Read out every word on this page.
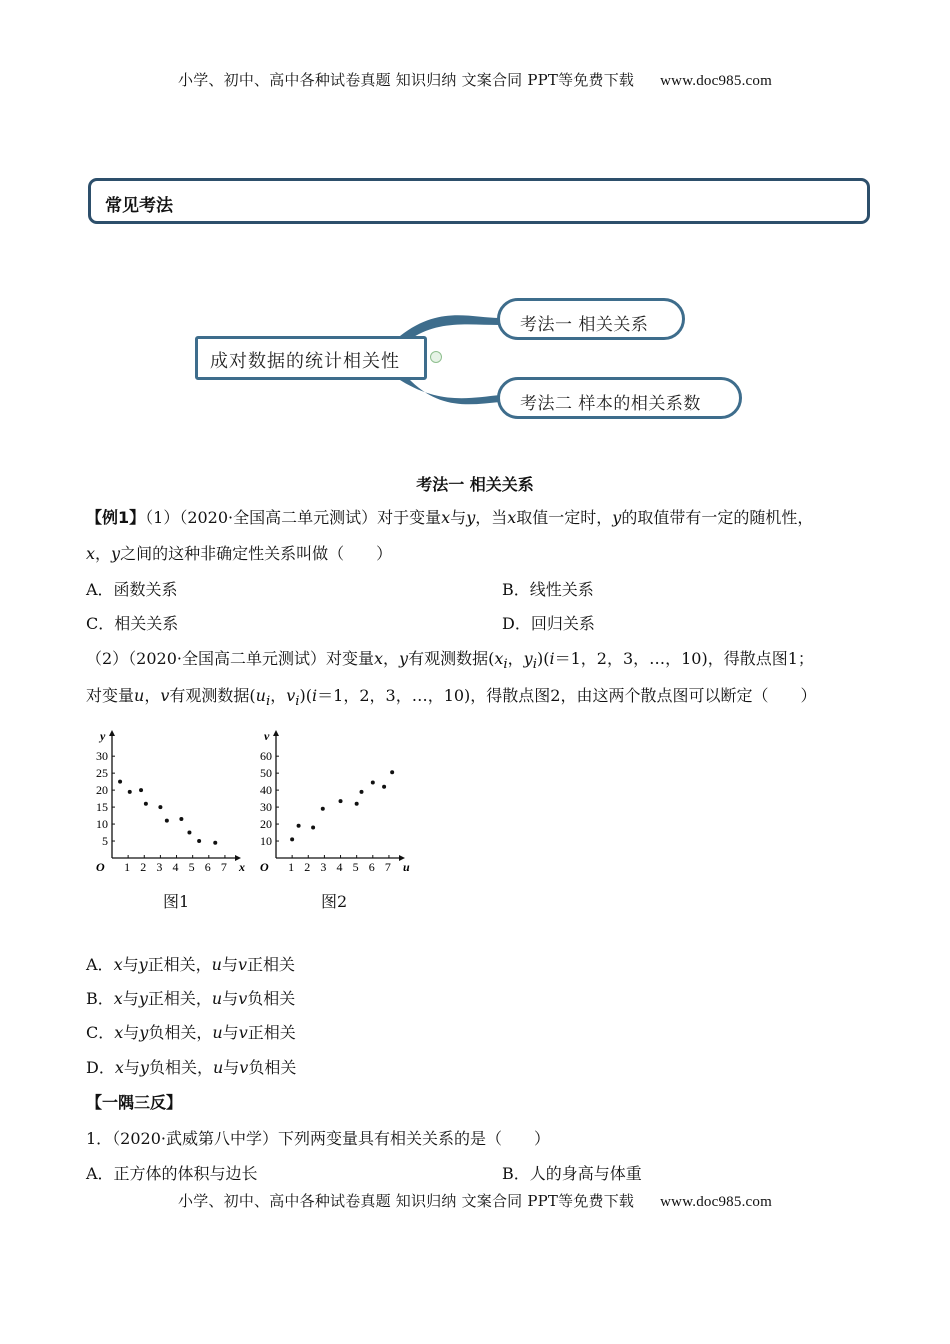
小学、初中、高中各种试卷真题 知识归纳 文案合同 PPT等免费下载 www.doc985.com
常见考法
成对数据的统计相关性
考法一 相关关系
考法二 样本的相关系数
考法一 相关关系
【例1】（1）（2020·全国高二单元测试）对于变量x与y，当x取值一定时，y的取值带有一定的随机性，
x，y之间的这种非确定性关系叫做（　　）
A．函数关系	B．线性关系
C．相关关系	D．回归关系
（2）（2020·全国高二单元测试）对变量x，y有观测数据($x_i$，$y_i)(i=1$，2，3，…，10)，得散点图1；
对变量u，v有观测数据($u_i$，$v_i)(i=1$，2，3，…，10)，得散点图2，由这两个散点图可以断定（　　）
O	x
y
1 2 3 4 5 6 7
5
10
15
20
25
30
O	u
v
1 2 3 4 5 6 7
10
20
30
40
50
60
图1	图2
A．x与y正相关，u与v正相关
B．x与y正相关，u与v负相关
C．x与y负相关，u与v正相关
D．x与y负相关，u与v负相关
【一隅三反】
1．（2020·武威第八中学）下列两变量具有相关关系的是（　　）
A．正方体的体积与边长	B．人的身高与体重
小学、初中、高中各种试卷真题 知识归纳 文案合同 PPT等免费下载 www.doc985.com
